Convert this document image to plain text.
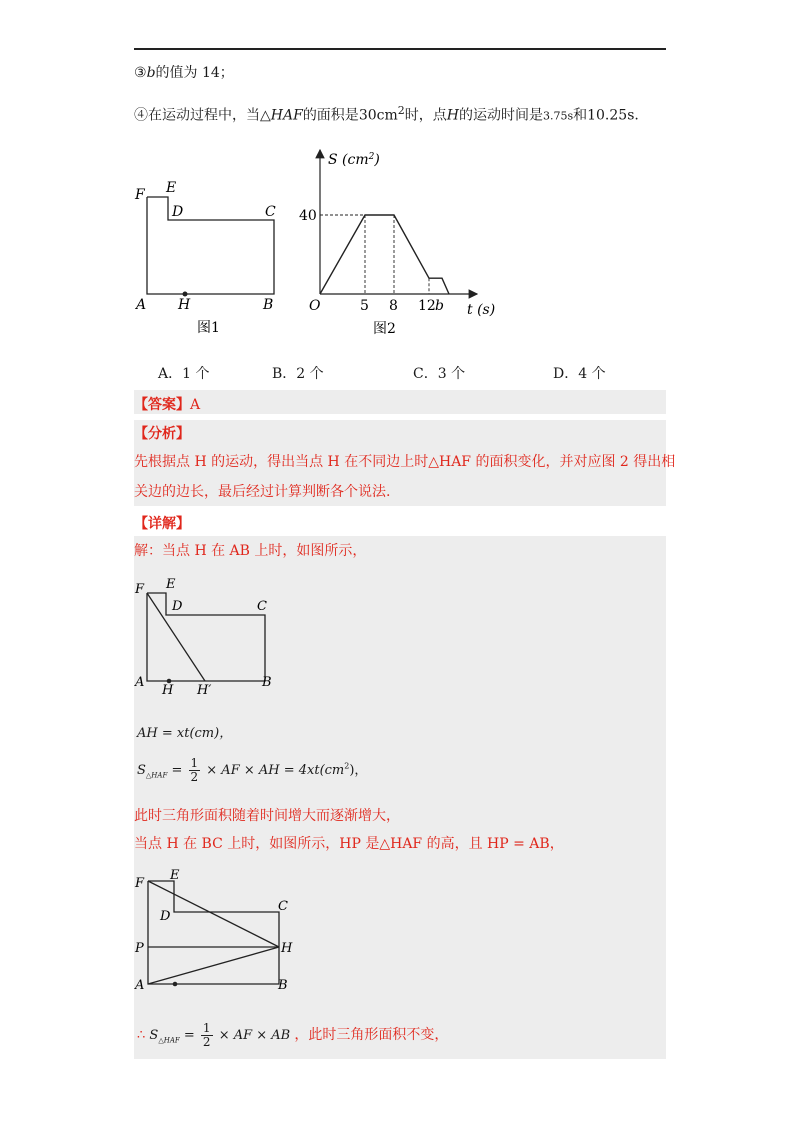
③b的值为 14；
④在运动过程中，当△HAF的面积是$30cm^2$时，点H的运动时间是3.75s和10.25s.
F E
D	C
A H	B
图1
S $(cm^2)$
40
O	5 8 12 b t (s)
图2
A．1 个	B．2 个	C．3 个	D．4 个
【答案】A
【分析】
先根据点 H 的运动，得出当点 H 在不同边上时△HAF 的面积变化，并对应图 2 得出相
关边的边长，最后经过计算判断各个说法.
【详解】
解：当点 H 在 AB 上时，如图所示，
F E
D	C
A
H H′
B
AH = xt(cm)，
$S_{\triangle HAF} = \frac{1}{2}$ × AF × AH = $4xt(cm^2)$，
此时三角形面积随着时间增大而逐渐增大，
当点 H 在 BC 上时，如图所示，HP 是△HAF 的高，且 HP = AB，
F
E
D
C
P	H
A	B
∴ $S_{\triangle HAF} = \frac{1}{2}$ × AF × AB ，此时三角形面积不变，
